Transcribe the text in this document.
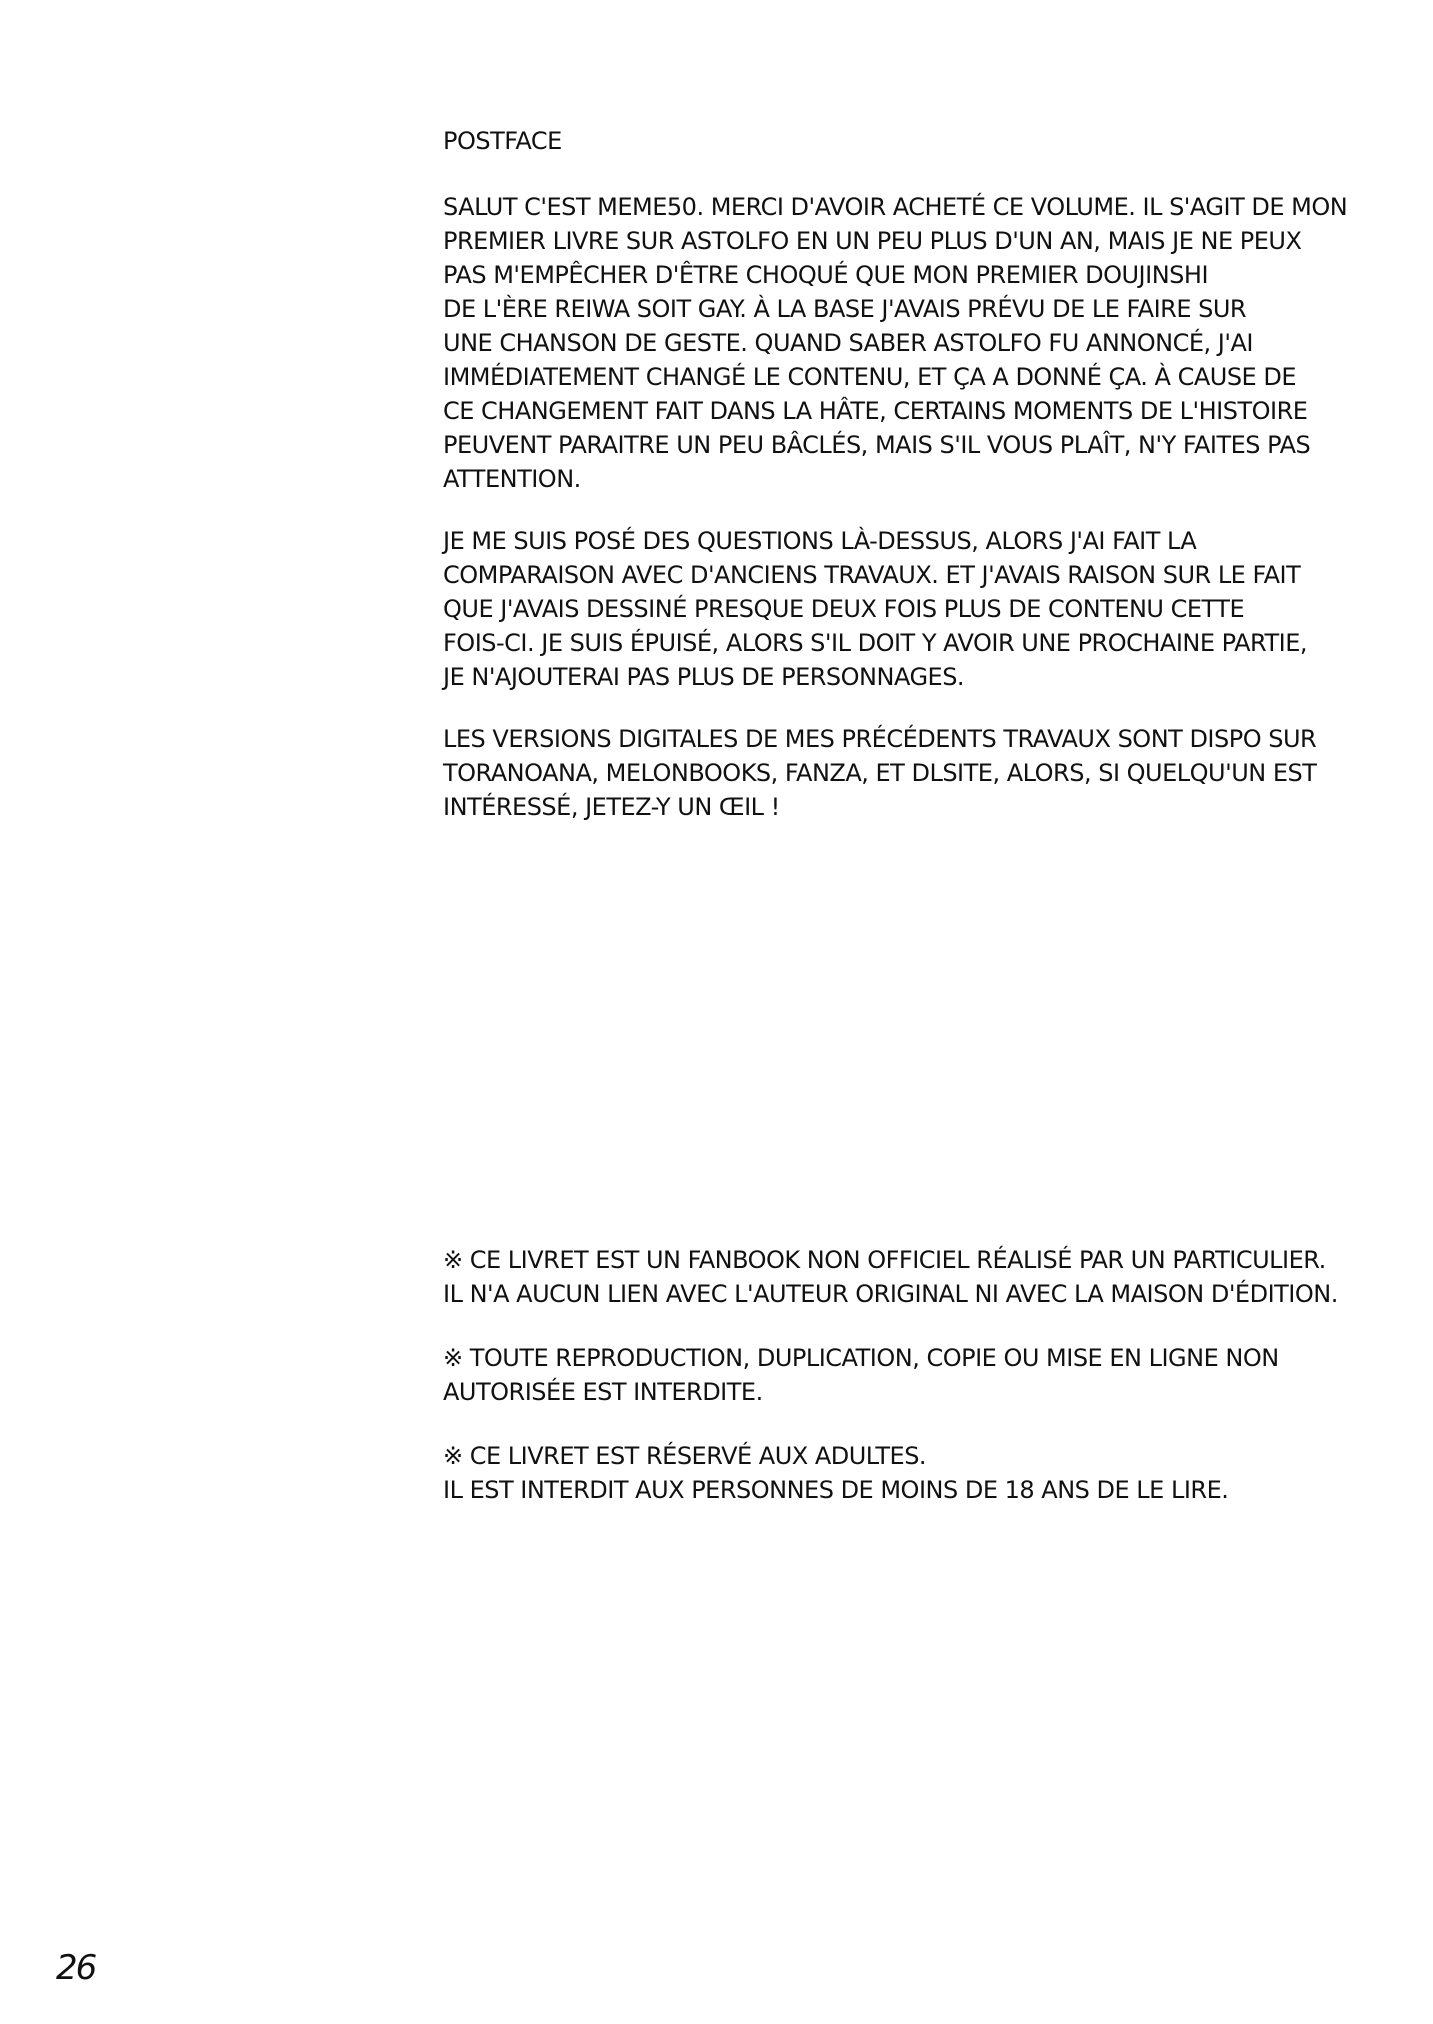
POSTFACE
SALUT C'EST MEME50. MERCI D'AVOIR ACHETÉ CE VOLUME. IL S'AGIT DE MON
PREMIER LIVRE SUR ASTOLFO EN UN PEU PLUS D'UN AN, MAIS JE NE PEUX
PAS M'EMPÊCHER D'ÊTRE CHOQUÉ QUE MON PREMIER DOUJINSHI
DE L'ÈRE REIWA SOIT GAY. À LA BASE J'AVAIS PRÉVU DE LE FAIRE SUR
UNE CHANSON DE GESTE. QUAND SABER ASTOLFO FU ANNONCÉ, J'AI
IMMÉDIATEMENT CHANGÉ LE CONTENU, ET ÇA A DONNÉ ÇA. À CAUSE DE
CE CHANGEMENT FAIT DANS LA HÂTE, CERTAINS MOMENTS DE L'HISTOIRE
PEUVENT PARAITRE UN PEU BÂCLÉS, MAIS S'IL VOUS PLAÎT, N'Y FAITES PAS
ATTENTION.
JE ME SUIS POSÉ DES QUESTIONS LÀ-DESSUS, ALORS J'AI FAIT LA
COMPARAISON AVEC D'ANCIENS TRAVAUX. ET J'AVAIS RAISON SUR LE FAIT
QUE J'AVAIS DESSINÉ PRESQUE DEUX FOIS PLUS DE CONTENU CETTE
FOIS-CI. JE SUIS ÉPUISÉ, ALORS S'IL DOIT Y AVOIR UNE PROCHAINE PARTIE,
JE N'AJOUTERAI PAS PLUS DE PERSONNAGES.
LES VERSIONS DIGITALES DE MES PRÉCÉDENTS TRAVAUX SONT DISPO SUR
TORANOANA, MELONBOOKS, FANZA, ET DLSITE, ALORS, SI QUELQU'UN EST
INTÉRESSÉ, JETEZ-Y UN ŒIL !
※ CE LIVRET EST UN FANBOOK NON OFFICIEL RÉALISÉ PAR UN PARTICULIER.
IL N'A AUCUN LIEN AVEC L'AUTEUR ORIGINAL NI AVEC LA MAISON D'ÉDITION.
※ TOUTE REPRODUCTION, DUPLICATION, COPIE OU MISE EN LIGNE NON
AUTORISÉE EST INTERDITE.
※ CE LIVRET EST RÉSERVÉ AUX ADULTES.
IL EST INTERDIT AUX PERSONNES DE MOINS DE 18 ANS DE LE LIRE.
26
